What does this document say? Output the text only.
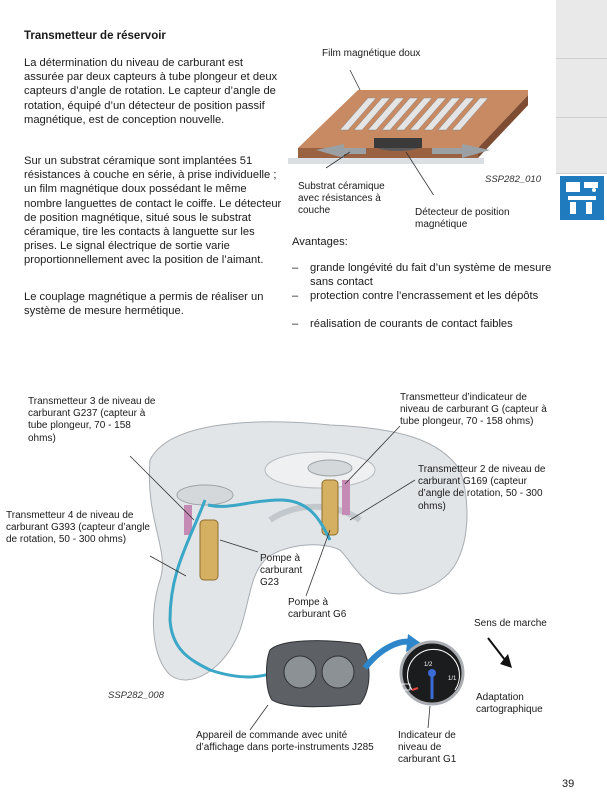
Transmetteur de réservoir
La détermination du niveau de carburant est assurée par deux capteurs à tube plongeur et deux capteurs d’angle de rotation. Le capteur d’angle de rotation, équipé d’un détecteur de position passif magnétique, est de conception nouvelle.
Sur un substrat céramique sont implantées 51 résistances à couche en série, à prise individuelle ; un film magnétique doux possédant le même nombre languettes de contact le coiffe. Le détecteur de position magnétique, situé sous le substrat céramique, tire les contacts à languette sur les prises. Le signal électrique de sortie varie proportionnellement avec la position de l’aimant.
Le couplage magnétique a permis de réaliser un système de mesure hermétique.
Film magnétique doux
SSP282_010
Substrat céramique avec résistances à couche	Détecteur de position magnétique
Avantages:
– grande longévité du fait d’un système de mesure sans contact
– protection contre l’encrassement et les dépôts
– réalisation de courants de contact faibles
1/2
1/1
Transmetteur 3 de niveau de carburant G237 (capteur à tube plongeur, 70 - 158 ohms)
Transmetteur 4 de niveau de carburant G393 (capteur d’angle de rotation, 50 - 300 ohms)
Transmetteur d’indicateur de niveau de carburant G (capteur à tube plongeur, 70 - 158 ohms)
Transmetteur 2 de niveau de carburant G169 (capteur d’angle de rotation, 50 - 300 ohms)
Pompe à carburant G23
Pompe à carburant G6
Sens de marche
Adaptation cartographique
SSP282_008
Appareil de commande avec unité d’affichage dans porte-instruments J285
Indicateur de niveau de carburant G1
39
